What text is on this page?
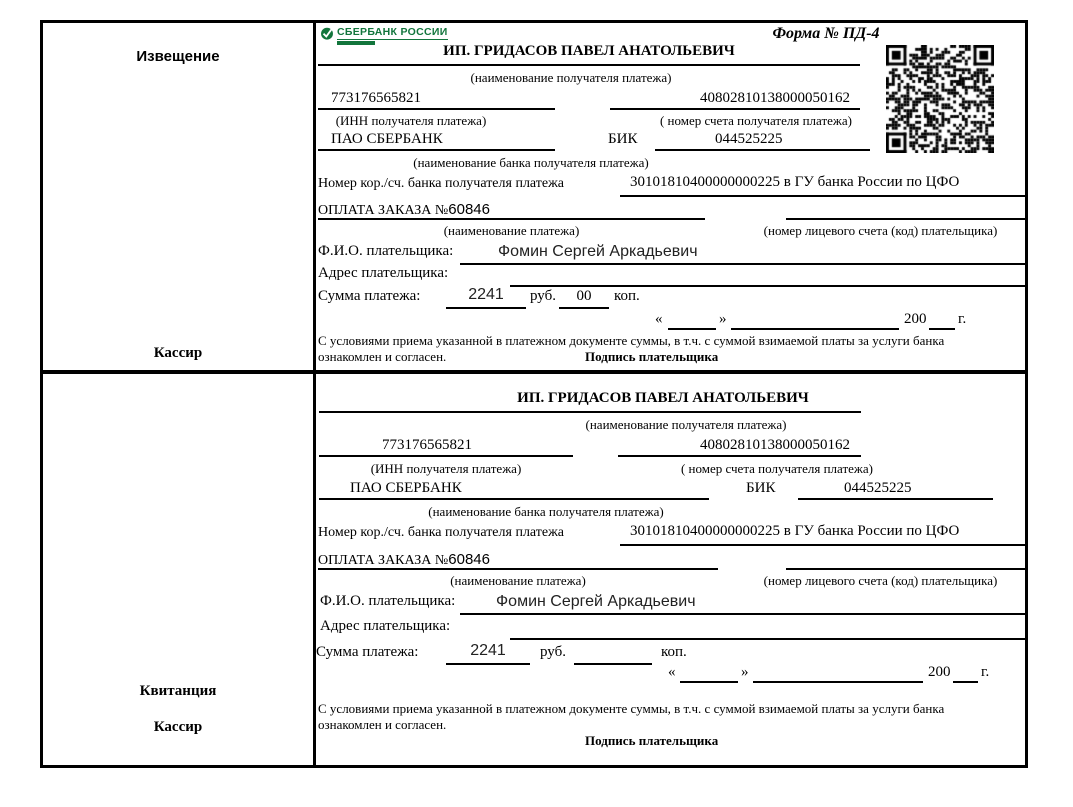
Извещение
Кассир
СБЕРБАНК РОССИИ	Форма № ПД-4
ИП. ГРИДАСОВ ПАВЕЛ АНАТОЛЬЕВИЧ
(наименование получателя платежа)
773176565821	40802810138000050162
(ИНН получателя платежа)	( номер счета получателя платежа)
ПАО СБЕРБАНК	БИК	044525225
(наименование банка получателя платежа)
Номер кор./сч. банка получателя платежа	30101810400000000225 в ГУ банка России по ЦФО
ОПЛАТА ЗАКАЗА №60846
(наименование платежа)	(номер лицевого счета (код) плательщика)
Ф.И.О. плательщика:	Фомин Сергей Аркадьевич
Адрес плательщика:
Сумма платежа:	2241	руб.	00	коп.
«	»	200 г.
С условиями приема указанной в платежном документе суммы, в т.ч. с суммой взимаемой платы за услуги банка
ознакомлен и согласен.	Подпись плательщика
Квитанция
Кассир
ИП. ГРИДАСОВ ПАВЕЛ АНАТОЛЬЕВИЧ
(наименование получателя платежа)
773176565821	40802810138000050162
(ИНН получателя платежа)	( номер счета получателя платежа)
ПАО СБЕРБАНК	БИК	044525225
(наименование банка получателя платежа)
Номер кор./сч. банка получателя платежа	30101810400000000225 в ГУ банка России по ЦФО
ОПЛАТА ЗАКАЗА №60846
(наименование платежа)	(номер лицевого счета (код) плательщика)
Ф.И.О. плательщика:	Фомин Сергей Аркадьевич
Адрес плательщика:
Сумма платежа:	2241	руб.	коп.
«	»	200 г.
С условиями приема указанной в платежном документе суммы, в т.ч. с суммой взимаемой платы за услуги банка
ознакомлен и согласен.
Подпись плательщика
